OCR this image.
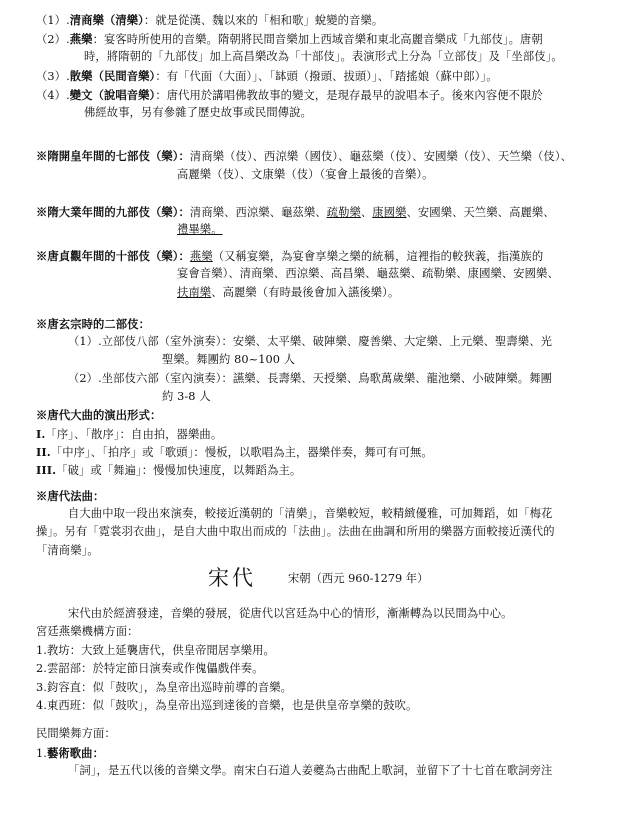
（1）.清商樂（清樂）：就是從漢、魏以來的「相和歌」蛻變的音樂。
（2）.燕樂：宴客時所使用的音樂。隋朝將民間音樂加上西域音樂和東北高麗音樂成「九部伎」。唐朝
時，將隋朝的「九部伎」加上高昌樂改為「十部伎」。表演形式上分為「立部伎」及「坐部伎」。
（3）.散樂（民間音樂）：有「代面（大面）」、「缽頭（撥頭、拔頭）」、「踏搖娘（蘇中郎）」。
（4）.變文（說唱音樂）：唐代用於講唱佛教故事的變文，是現存最早的說唱本子。後來內容便不限於
佛經故事，另有參雜了歷史故事或民間傳說。
※隋開皇年間的七部伎（樂）：清商樂（伎）、西涼樂（國伎）、龜茲樂（伎）、安國樂（伎）、天竺樂（伎）、
高麗樂（伎）、文康樂（伎）（宴會上最後的音樂）。
※隋大業年間的九部伎（樂）：清商樂、西涼樂、龜茲樂、疏勒樂、康國樂、安國樂、天竺樂、高麗樂、
禮畢樂。
※唐貞觀年間的十部伎（樂）：燕樂（又稱宴樂，為宴會享樂之樂的統稱，這裡指的較狹義，指漢族的
宴會音樂）、清商樂、西涼樂、高昌樂、龜茲樂、疏勒樂、康國樂、安國樂、
扶南樂、高麗樂（有時最後會加入讌後樂）。
※唐玄宗時的二部伎：
（1）.立部伎八部（室外演奏）：安樂、太平樂、破陣樂、慶善樂、大定樂、上元樂、聖壽樂、光
聖樂。舞團約 80~100 人
（2）.坐部伎六部（室內演奏）：讌樂、長壽樂、天授樂、鳥歌萬歲樂、龍池樂、小破陣樂。舞團
約 3-8 人
※唐代大曲的演出形式：
I.「序」、「散序」：自由拍，器樂曲。
II.「中序」、「拍序」或「歌頭」：慢板，以歌唱為主，器樂伴奏，舞可有可無。
III.「破」或「舞遍」：慢慢加快速度，以舞蹈為主。
※唐代法曲：
自大曲中取一段出來演奏，較接近漢朝的「清樂」，音樂較短，較精緻優雅，可加舞蹈，如「梅花
操」。另有「霓裳羽衣曲」，是自大曲中取出而成的「法曲」。法曲在曲調和所用的樂器方面較接近漢代的
「清商樂」。
宋代	宋朝（西元 960-1279 年）
宋代由於經濟發達，音樂的發展，從唐代以宮廷為中心的情形，漸漸轉為以民間為中心。
宮廷燕樂機構方面：
1.教坊：大致上延襲唐代，供皇帝閒居享樂用。
2.雲韶部：於特定節日演奏或作傀儡戲伴奏。
3.鈞容直：似「鼓吹」，為皇帝出巡時前導的音樂。
4.東西班：似「鼓吹」，為皇帝出巡到達後的音樂，也是供皇帝享樂的鼓吹。
民間樂舞方面：
1.藝術歌曲：
「詞」，是五代以後的音樂文學。南宋白石道人姜夔為古曲配上歌詞，並留下了十七首在歌詞旁注
